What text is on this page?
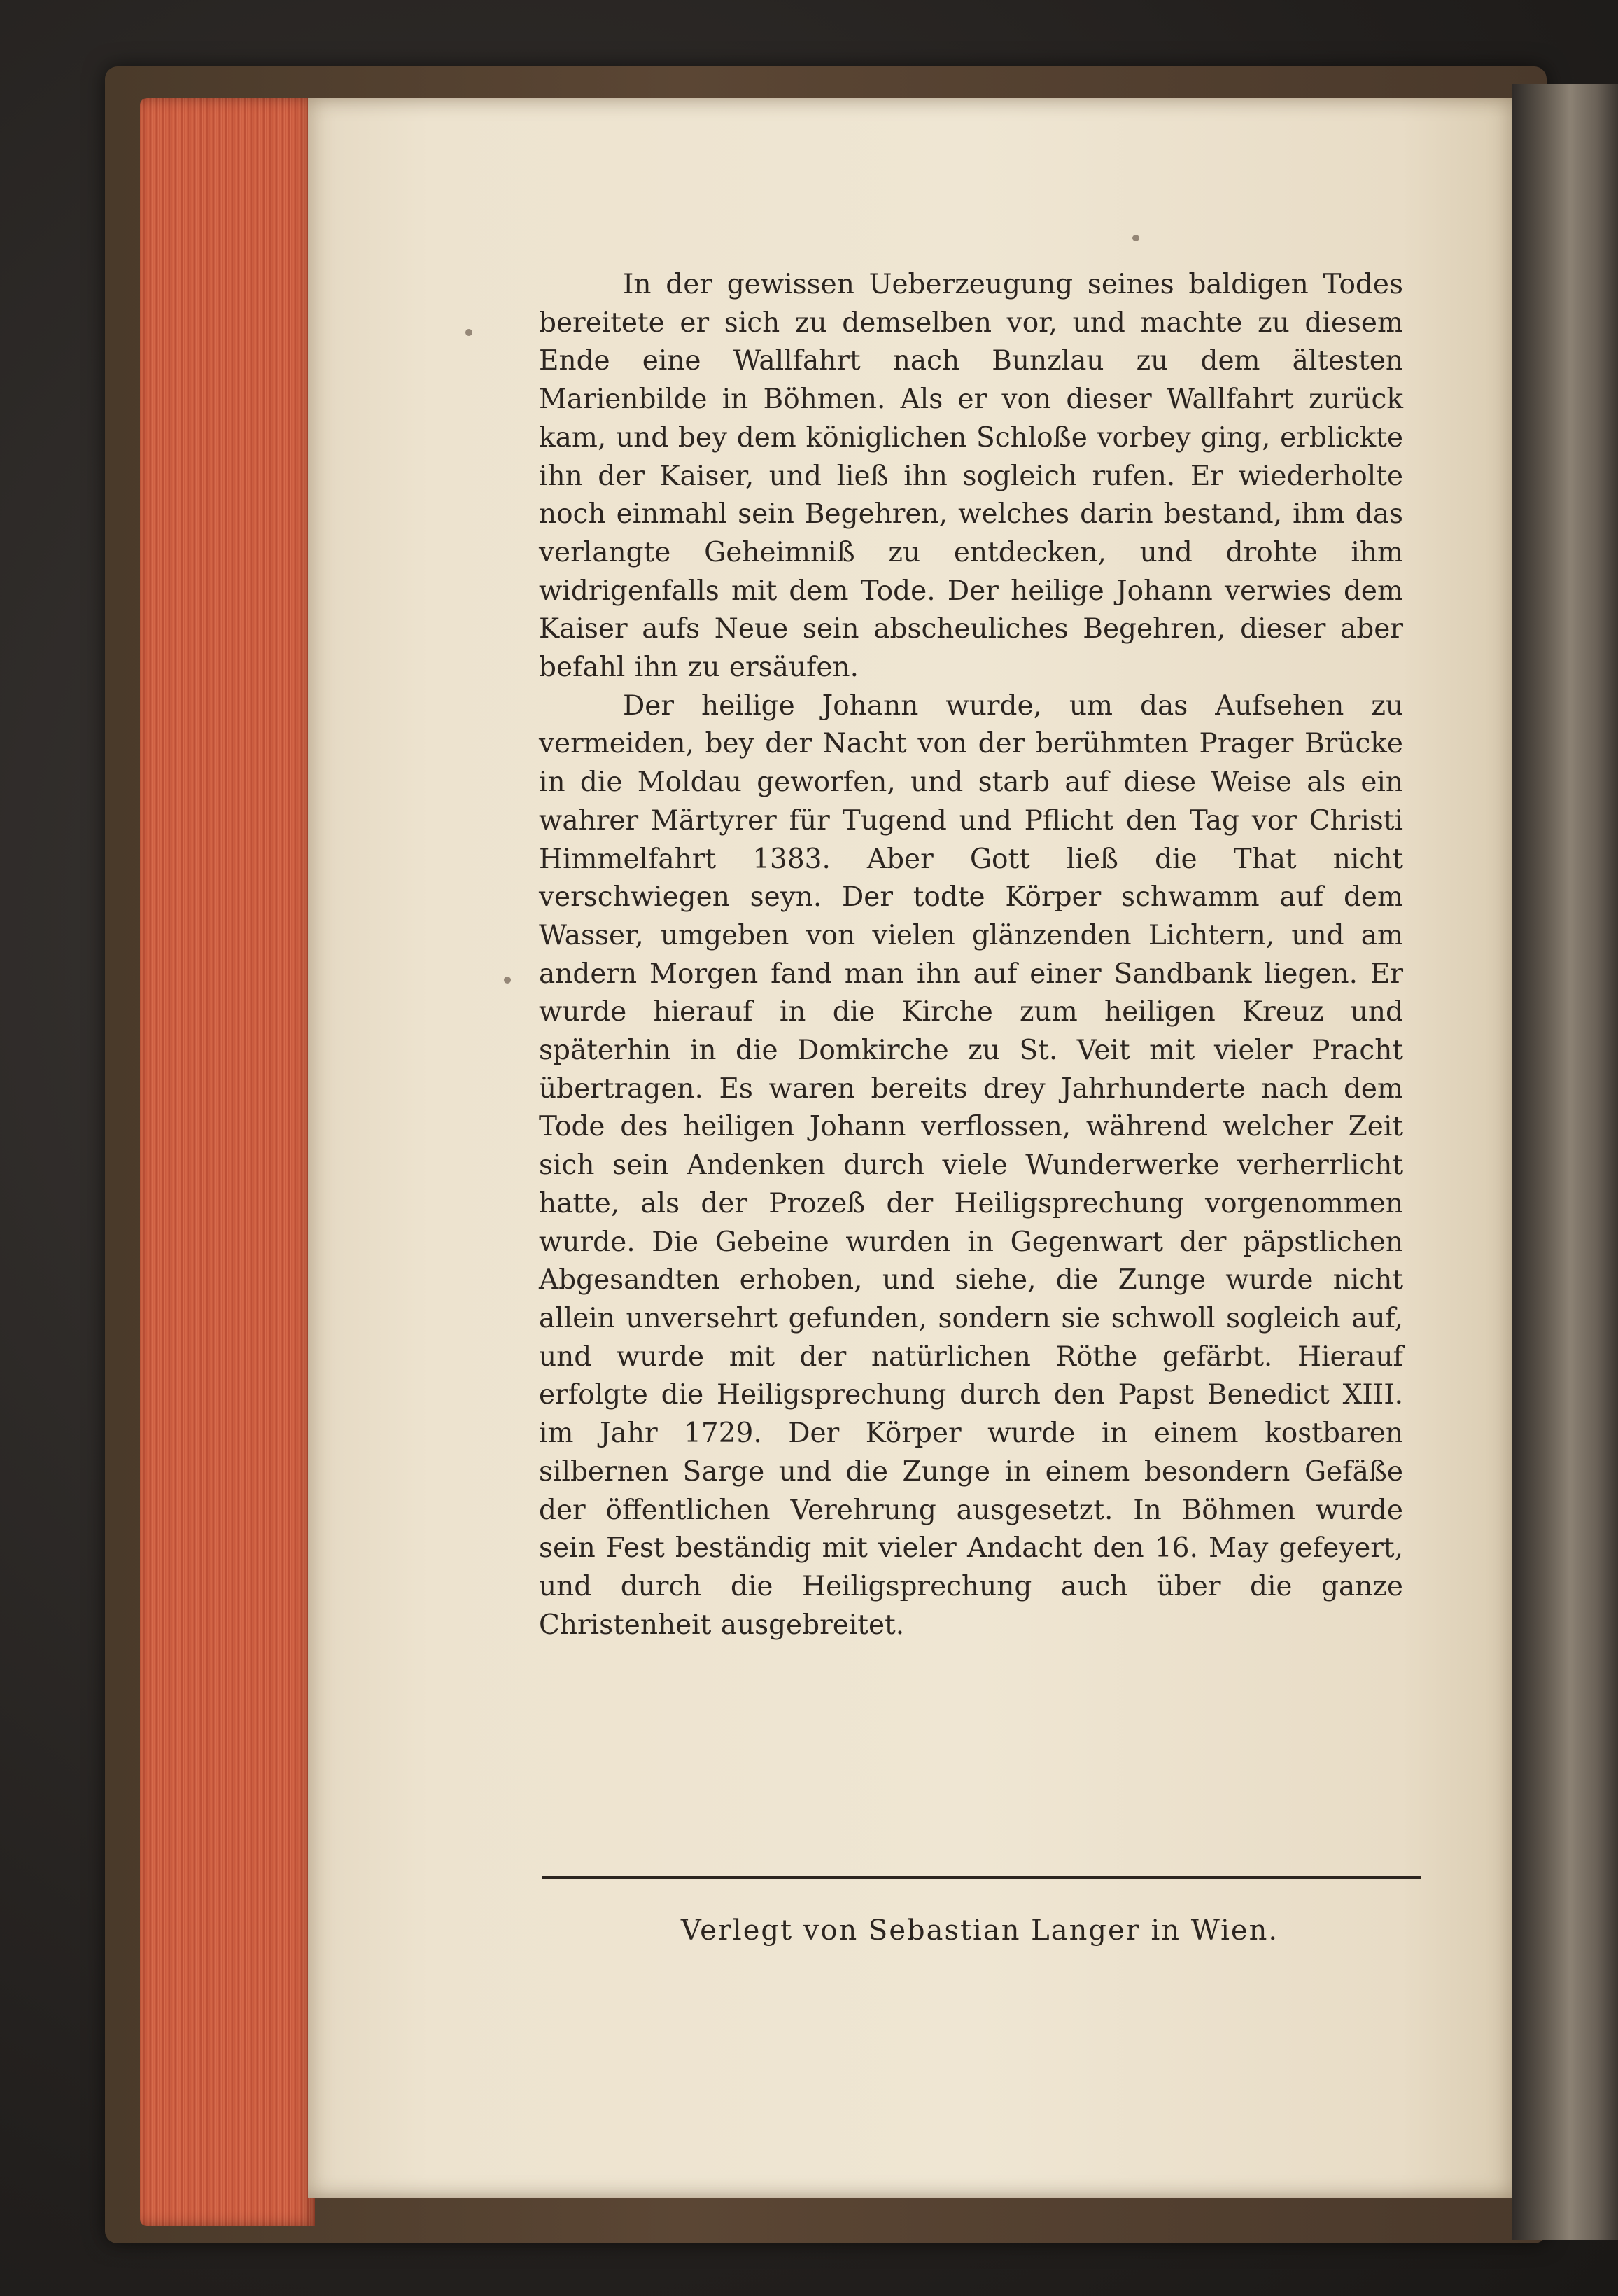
In der gewissen Ueberzeugung seines baldigen Todes bereitete er sich zu demselben vor, und machte zu diesem Ende eine Wallfahrt nach Bunzlau zu dem ältesten Marienbilde in Böhmen. Als er von dieser Wallfahrt zurück kam, und bey dem königlichen Schloße vorbey ging, erblickte ihn der Kaiser, und ließ ihn sogleich rufen. Er wiederholte noch einmahl sein Begehren, welches darin bestand, ihm das verlangte Geheimniß zu entdecken, und drohte ihm widrigenfalls mit dem Tode. Der heilige Johann verwies dem Kaiser aufs Neue sein abscheuliches Begehren, dieser aber befahl ihn zu ersäufen.

Der heilige Johann wurde, um das Aufsehen zu vermeiden, bey der Nacht von der berühmten Prager Brücke in die Moldau geworfen, und starb auf diese Weise als ein wahrer Märtyrer für Tugend und Pflicht den Tag vor Christi Himmelfahrt 1383. Aber Gott ließ die That nicht verschwiegen seyn. Der todte Körper schwamm auf dem Wasser, umgeben von vielen glänzenden Lichtern, und am andern Morgen fand man ihn auf einer Sandbank liegen. Er wurde hierauf in die Kirche zum heiligen Kreuz und späterhin in die Domkirche zu St. Veit mit vieler Pracht übertragen. Es waren bereits drey Jahrhunderte nach dem Tode des heiligen Johann verflossen, während welcher Zeit sich sein Andenken durch viele Wunderwerke verherrlicht hatte, als der Prozeß der Heiligsprechung vorgenommen wurde. Die Gebeine wurden in Gegenwart der päpstlichen Abgesandten erhoben, und siehe, die Zunge wurde nicht allein unversehrt gefunden, sondern sie schwoll sogleich auf, und wurde mit der natürlichen Röthe gefärbt. Hierauf erfolgte die Heiligsprechung durch den Papst Benedict XIII. im Jahr 1729. Der Körper wurde in einem kostbaren silbernen Sarge und die Zunge in einem besondern Gefäße der öffentlichen Verehrung ausgesetzt. In Böhmen wurde sein Fest beständig mit vieler Andacht den 16. May gefeyert, und durch die Heiligsprechung auch über die ganze Christenheit ausgebreitet.

Verlegt von Sebastian Langer in Wien.
